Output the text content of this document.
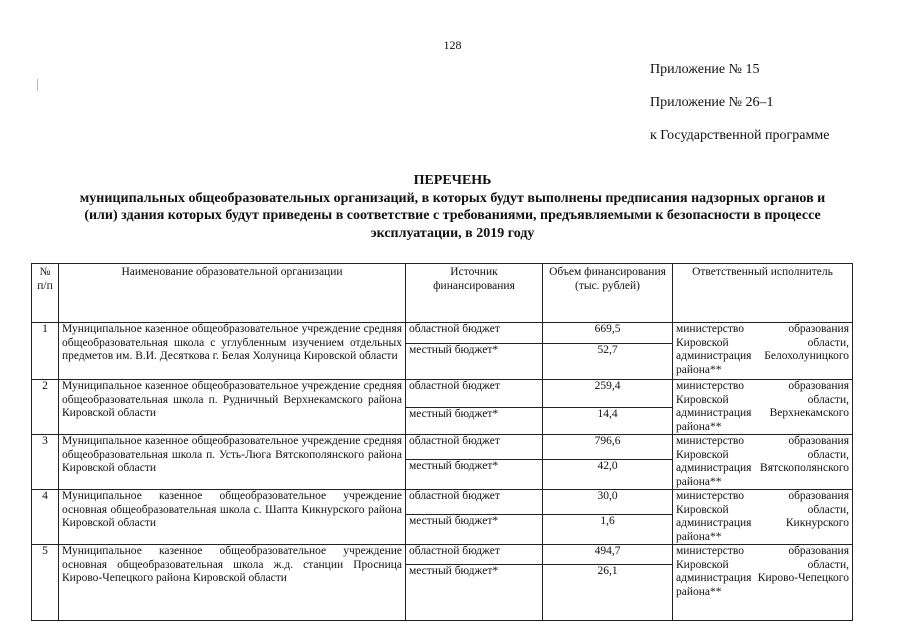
128
Приложение № 15
Приложение № 26–1
к Государственной программе
ПЕРЕЧЕНЬ
муниципальных общеобразовательных организаций, в которых будут выполнены предписания надзорных органов и
(или) здания которых будут приведены в соответствие с требованиями, предъявляемыми к безопасности в процессе
эксплуатации, в 2019 году
№ п/п	Наименование образовательной организации	Источник финансирования	Объем финансирования (тыс. рублей)	Ответственный исполнитель
1	Муниципальное казенное общеобразовательное учреждение средняя общеобразовательная школа с углубленным изучением отдельных предметов им. В.И. Десяткова г. Белая Холуница Кировской области	областной бюджет	669,5	министерство образования Кировской области, администрация Белохолуницкого района**
		местный бюджет*	52,7	
2	Муниципальное казенное общеобразовательное учреждение средняя общеобразовательная школа п. Рудничный Верхнекамского района Кировской области	областной бюджет	259,4	министерство образования Кировской области, администрация Верхнекамского района**
		местный бюджет*	14,4	
3	Муниципальное казенное общеобразовательное учреждение средняя общеобразовательная школа п. Усть-Люга Вятскополянского района Кировской области	областной бюджет	796,6	министерство образования Кировской области, администрация Вятскополянского района**
		местный бюджет*	42,0	
4	Муниципальное казенное общеобразовательное учреждение основная общеобразовательная школа с. Шапта Кикнурского района Кировской области	областной бюджет	30,0	министерство образования Кировской области, администрация Кикнурского района**
		местный бюджет*	1,6	
5	Муниципальное казенное общеобразовательное учреждение основная общеобразовательная школа ж.д. станции Просница Кирово-Чепецкого района Кировской области	областной бюджет	494,7	министерство образования Кировской области, администрация Кирово-Чепецкого района**
		местный бюджет*	26,1	
